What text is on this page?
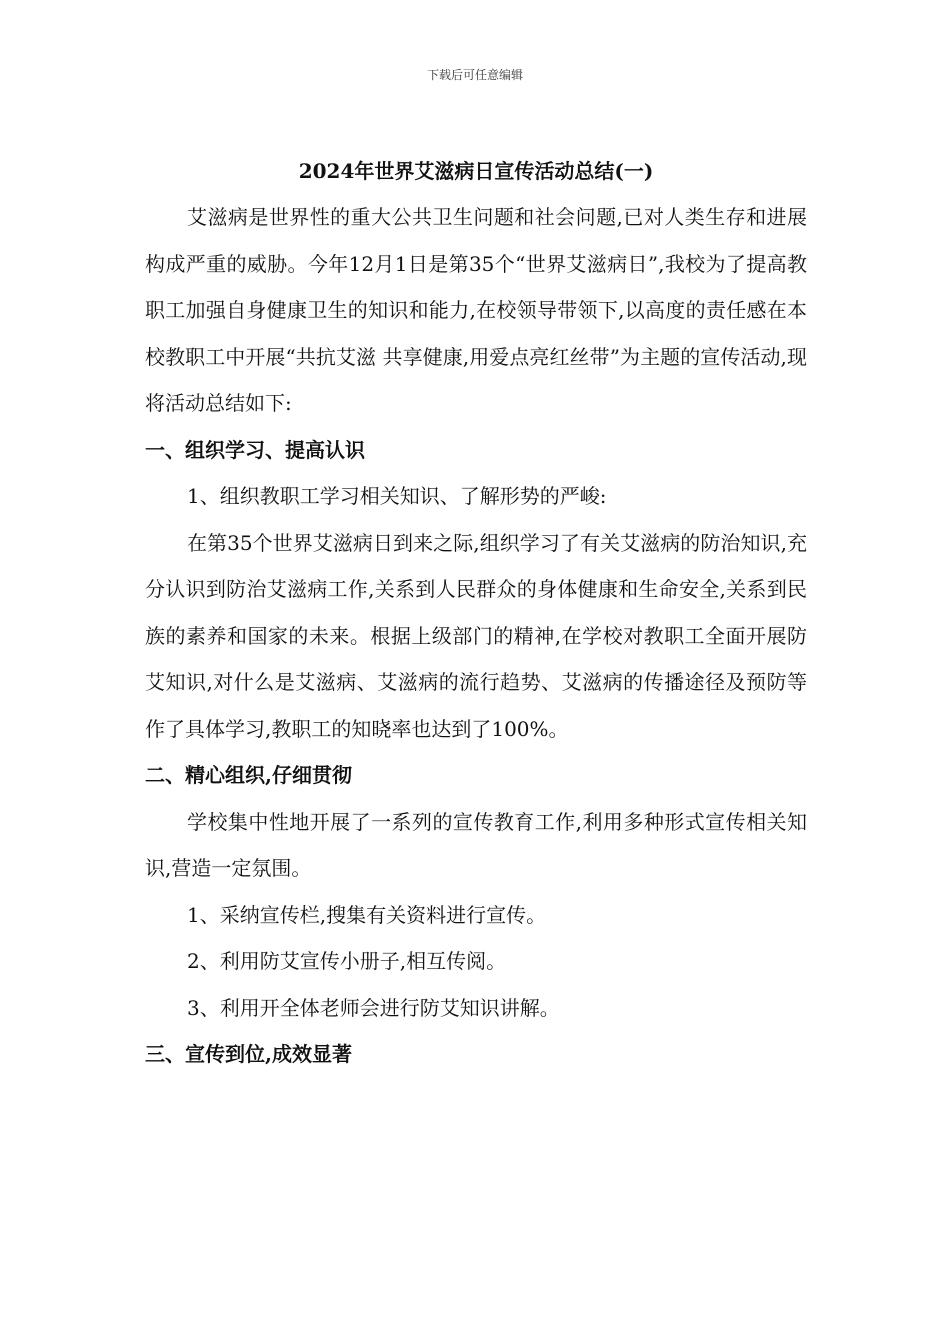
下载后可任意编辑
2024年世界艾滋病日宣传活动总结(一)

艾滋病是世界性的重大公共卫生问题和社会问题,已对人类生存和进展构成严重的威胁。今年12月1日是第35个“世界艾滋病日”,我校为了提高教职工加强自身健康卫生的知识和能力,在校领导带领下,以高度的责任感在本校教职工中开展“共抗艾滋 共享健康,用爱点亮红丝带”为主题的宣传活动,现将活动总结如下:

一、组织学习、提高认识

1、组织教职工学习相关知识、了解形势的严峻:

在第35个世界艾滋病日到来之际,组织学习了有关艾滋病的防治知识,充分认识到防治艾滋病工作,关系到人民群众的身体健康和生命安全,关系到民族的素养和国家的未来。根据上级部门的精神,在学校对教职工全面开展防艾知识,对什么是艾滋病、艾滋病的流行趋势、艾滋病的传播途径及预防等作了具体学习,教职工的知晓率也达到了100%。

二、精心组织,仔细贯彻

学校集中性地开展了一系列的宣传教育工作,利用多种形式宣传相关知识,营造一定氛围。

1、采纳宣传栏,搜集有关资料进行宣传。

2、利用防艾宣传小册子,相互传阅。

3、利用开全体老师会进行防艾知识讲解。

三、宣传到位,成效显著
